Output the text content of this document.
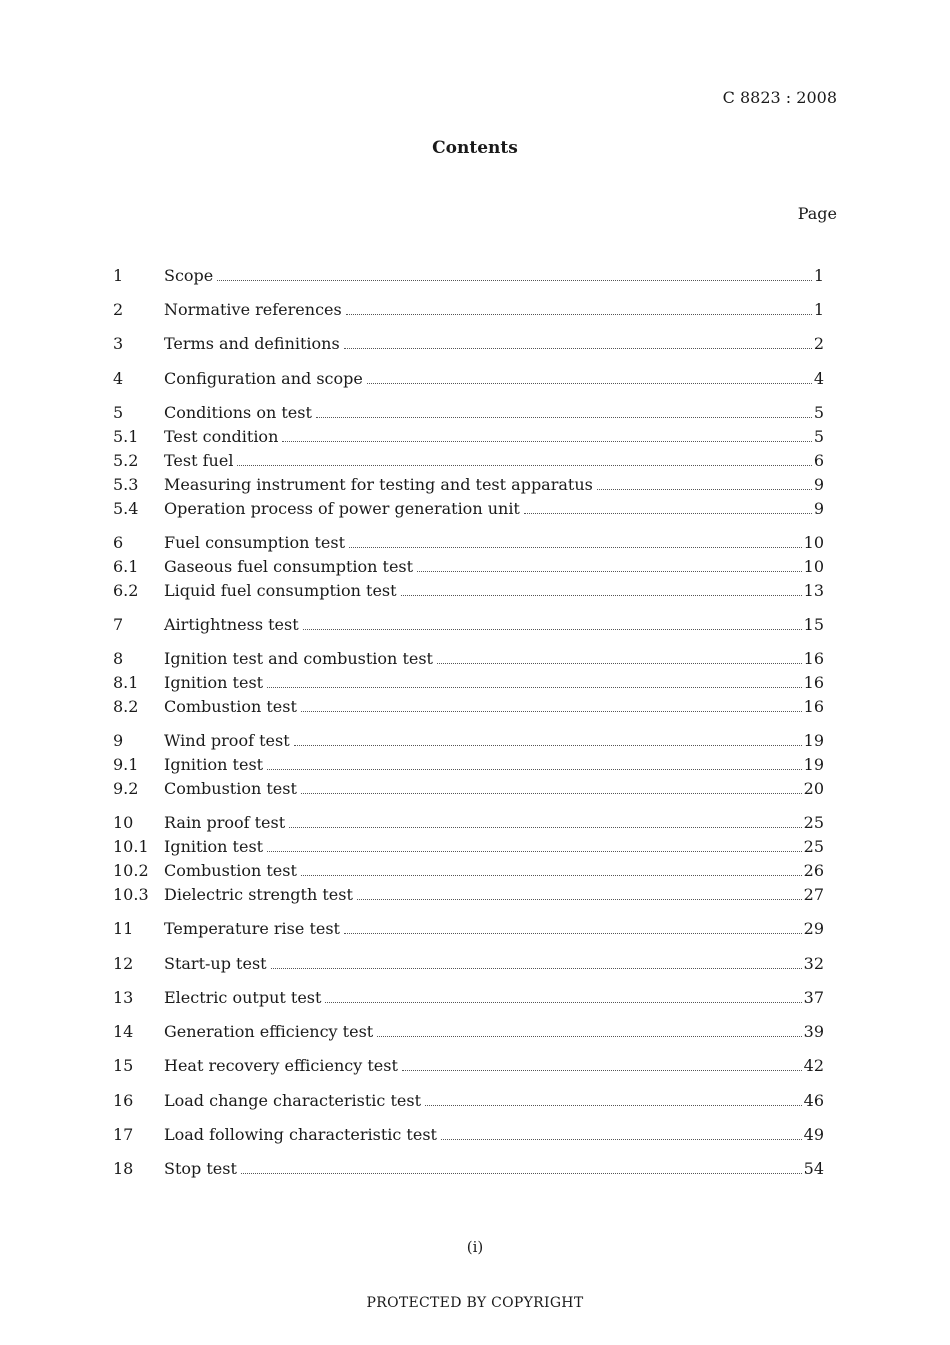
C 8823 : 2008
Contents
Page
1	Scope	1
2	Normative references	1
3	Terms and definitions	2
4	Configuration and scope	4
5	Conditions on test	5
5.1	Test condition	5
5.2	Test fuel	6
5.3	Measuring instrument for testing and test apparatus	9
5.4	Operation process of power generation unit	9
6	Fuel consumption test	10
6.1	Gaseous fuel consumption test	10
6.2	Liquid fuel consumption test	13
7	Airtightness test	15
8	Ignition test and combustion test	16
8.1	Ignition test	16
8.2	Combustion test	16
9	Wind proof test	19
9.1	Ignition test	19
9.2	Combustion test	20
10	Rain proof test	25
10.1 Ignition test	25
10.2 Combustion test	26
10.3 Dielectric strength test	27
11	Temperature rise test	29
12	Start-up test	32
13	Electric output test	37
14	Generation efficiency test	39
15	Heat recovery efficiency test	42
16	Load change characteristic test	46
17	Load following characteristic test	49
18	Stop test	54
(i)
PROTECTED BY COPYRIGHT
